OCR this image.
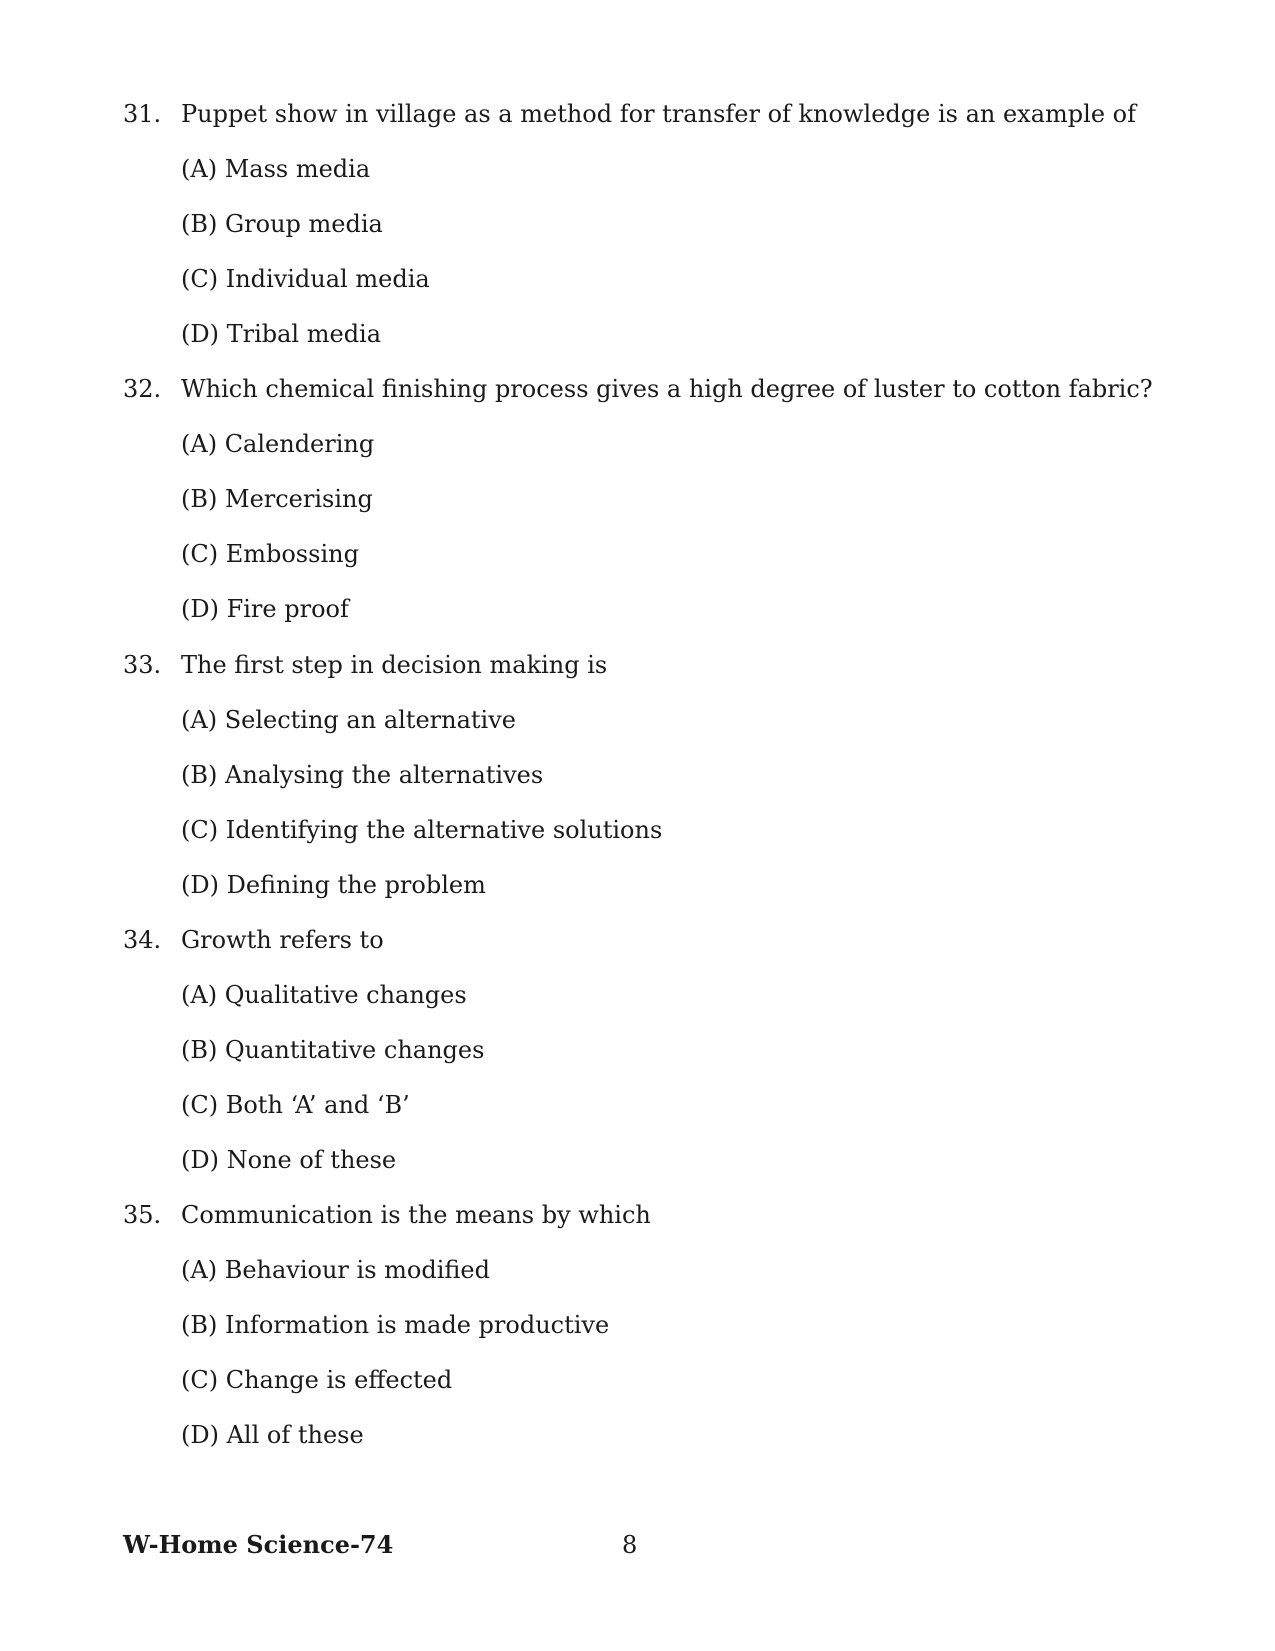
31. Puppet show in village as a method for transfer of knowledge is an example of
(A) Mass media
(B) Group media
(C) Individual media
(D) Tribal media
32. Which chemical finishing process gives a high degree of luster to cotton fabric?
(A) Calendering
(B) Mercerising
(C) Embossing
(D) Fire proof
33. The first step in decision making is
(A) Selecting an alternative
(B) Analysing the alternatives
(C) Identifying the alternative solutions
(D) Defining the problem
34. Growth refers to
(A) Qualitative changes
(B) Quantitative changes
(C) Both ‘A’ and ‘B’
(D) None of these
35. Communication is the means by which
(A) Behaviour is modified
(B) Information is made productive
(C) Change is effected
(D) All of these
W-Home Science-74	8
